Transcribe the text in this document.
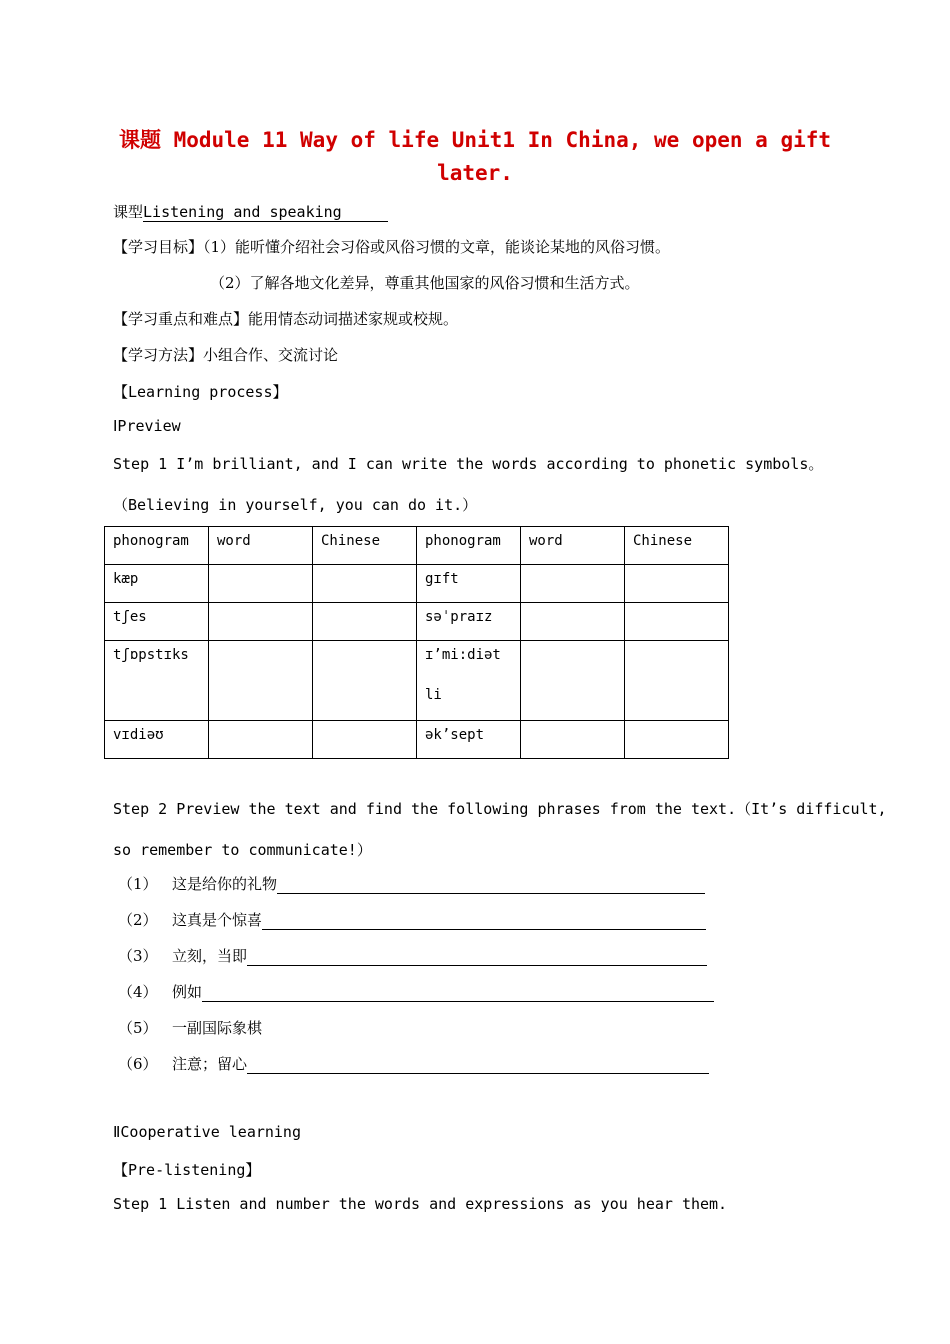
课题 Module 11 Way of life Unit1 In China, we open a gift
later.
课型Listening and speaking
【学习目标】（1）能听懂介绍社会习俗或风俗习惯的文章，能谈论某地的风俗习惯。
（2）了解各地文化差异，尊重其他国家的风俗习惯和生活方式。
【学习重点和难点】能用情态动词描述家规或校规。
【学习方法】小组合作、交流讨论
【Learning process】
ⅠPreview
Step 1 I’m brilliant, and I can write the words according to phonetic symbols。
（Believing in yourself, you can do it.）
phonogram	word	Chinese	phonogram	word	Chinese
kæp			gɪft		
tʃes			səˈpraɪz		
tʃɒpstɪks			ɪ’mi:diət
li		

vɪdiəʊ			ək’sept		
Step 2 Preview the text and find the following phrases from the text.（It’s difficult,
so remember to communicate!）
（1） 这是给你的礼物
（2） 这真是个惊喜
（3） 立刻，当即
（4） 例如
（5） 一副国际象棋
（6） 注意；留心
ⅡCooperative learning
【Pre-listening】
Step 1 Listen and number the words and expressions as you hear them.
